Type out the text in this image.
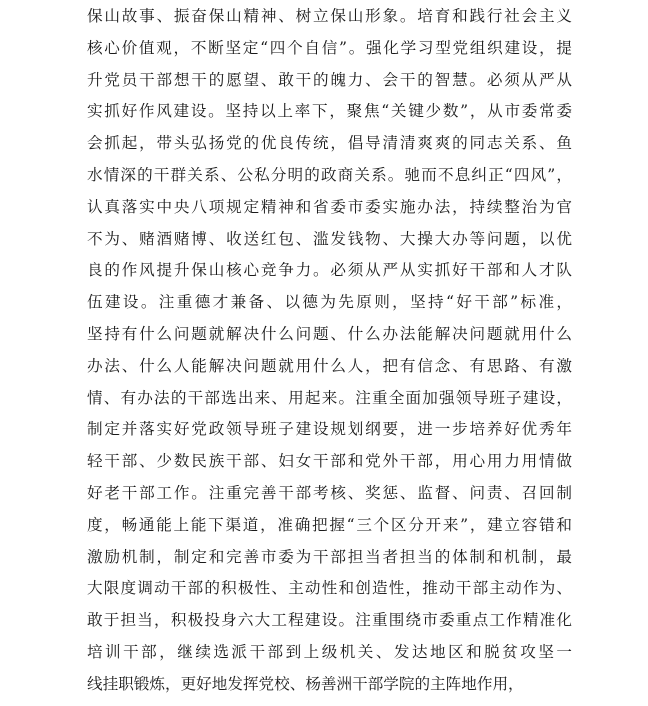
保山故事、振奋保山精神、树立保山形象。培育和践行社会主义
核心价值观，不断坚定“四个自信”。强化学习型党组织建设，提
升党员干部想干的愿望、敢干的魄力、会干的智慧。必须从严从
实抓好作风建设。坚持以上率下，聚焦“关键少数”，从市委常委
会抓起，带头弘扬党的优良传统，倡导清清爽爽的同志关系、鱼
水情深的干群关系、公私分明的政商关系。驰而不息纠正“四风”，
认真落实中央八项规定精神和省委市委实施办法，持续整治为官
不为、赌酒赌博、收送红包、滥发钱物、大操大办等问题，以优
良的作风提升保山核心竞争力。必须从严从实抓好干部和人才队
伍建设。注重德才兼备、以德为先原则，坚持“好干部”标准，
坚持有什么问题就解决什么问题、什么办法能解决问题就用什么
办法、什么人能解决问题就用什么人，把有信念、有思路、有激
情、有办法的干部选出来、用起来。注重全面加强领导班子建设，
制定并落实好党政领导班子建设规划纲要，进一步培养好优秀年
轻干部、少数民族干部、妇女干部和党外干部，用心用力用情做
好老干部工作。注重完善干部考核、奖惩、监督、问责、召回制
度，畅通能上能下渠道，准确把握“三个区分开来”，建立容错和
激励机制，制定和完善市委为干部担当者担当的体制和机制，最
大限度调动干部的积极性、主动性和创造性，推动干部主动作为、
敢于担当，积极投身六大工程建设。注重围绕市委重点工作精准化
培训干部，继续选派干部到上级机关、发达地区和脱贫攻坚一
线挂职锻炼，更好地发挥党校、杨善洲干部学院的主阵地作用，
